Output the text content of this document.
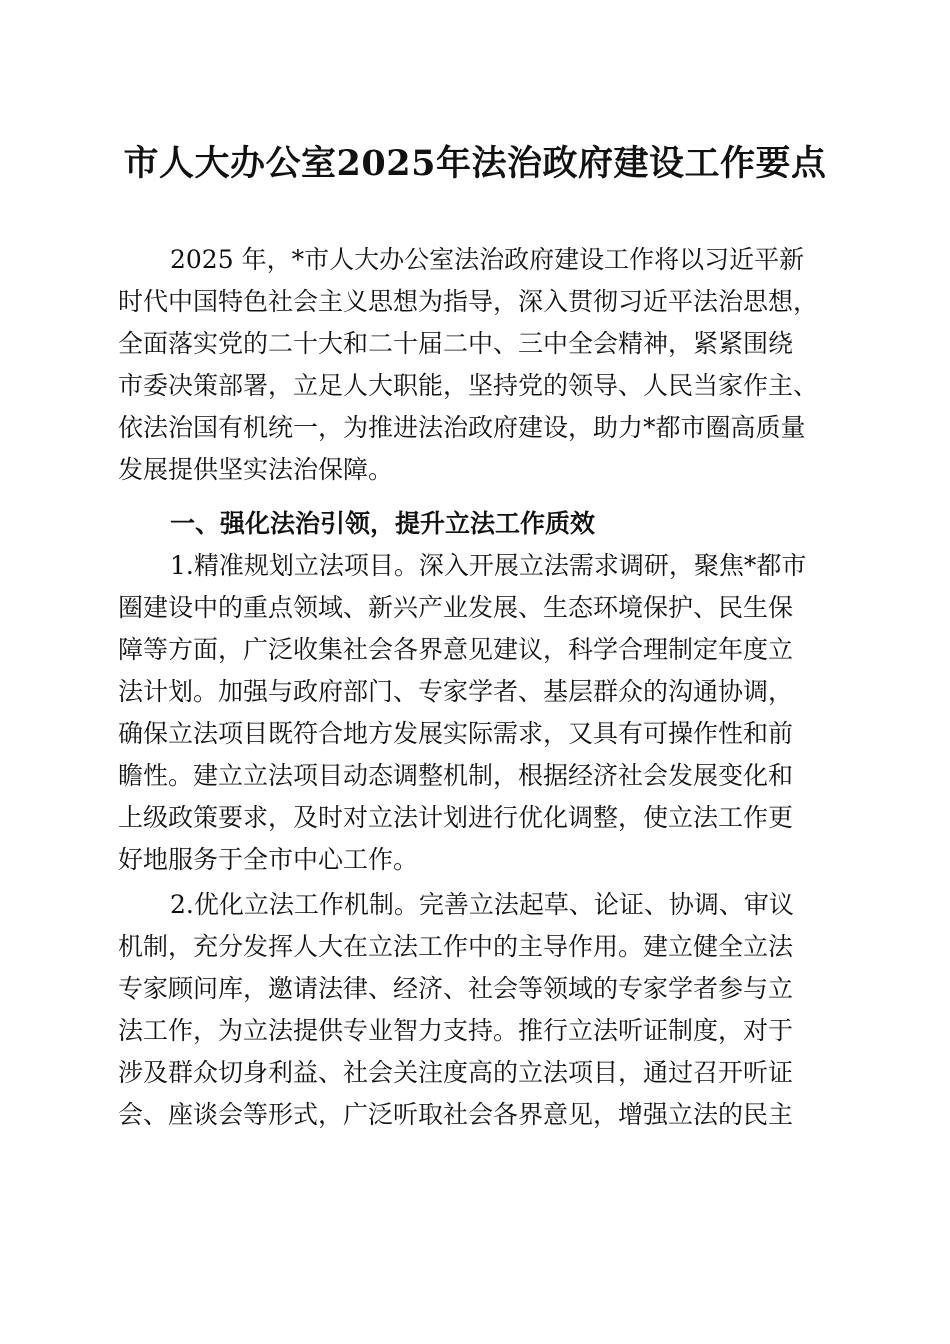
市人大办公室2025年法治政府建设工作要点

2025 年，*市人大办公室法治政府建设工作将以习近平新

时代中国特色社会主义思想为指导，深入贯彻习近平法治思想，

全面落实党的二十大和二十届二中、三中全会精神，紧紧围绕

市委决策部署，立足人大职能，坚持党的领导、人民当家作主、

依法治国有机统一，为推进法治政府建设，助力*都市圈高质量

发展提供坚实法治保障。

一、强化法治引领，提升立法工作质效

1.精准规划立法项目。深入开展立法需求调研，聚焦*都市

圈建设中的重点领域、新兴产业发展、生态环境保护、民生保

障等方面，广泛收集社会各界意见建议，科学合理制定年度立

法计划。加强与政府部门、专家学者、基层群众的沟通协调，

确保立法项目既符合地方发展实际需求，又具有可操作性和前

瞻性。建立立法项目动态调整机制，根据经济社会发展变化和

上级政策要求，及时对立法计划进行优化调整，使立法工作更

好地服务于全市中心工作。

2.优化立法工作机制。完善立法起草、论证、协调、审议

机制，充分发挥人大在立法工作中的主导作用。建立健全立法

专家顾问库，邀请法律、经济、社会等领域的专家学者参与立

法工作，为立法提供专业智力支持。推行立法听证制度，对于

涉及群众切身利益、社会关注度高的立法项目，通过召开听证

会、座谈会等形式，广泛听取社会各界意见，增强立法的民主
